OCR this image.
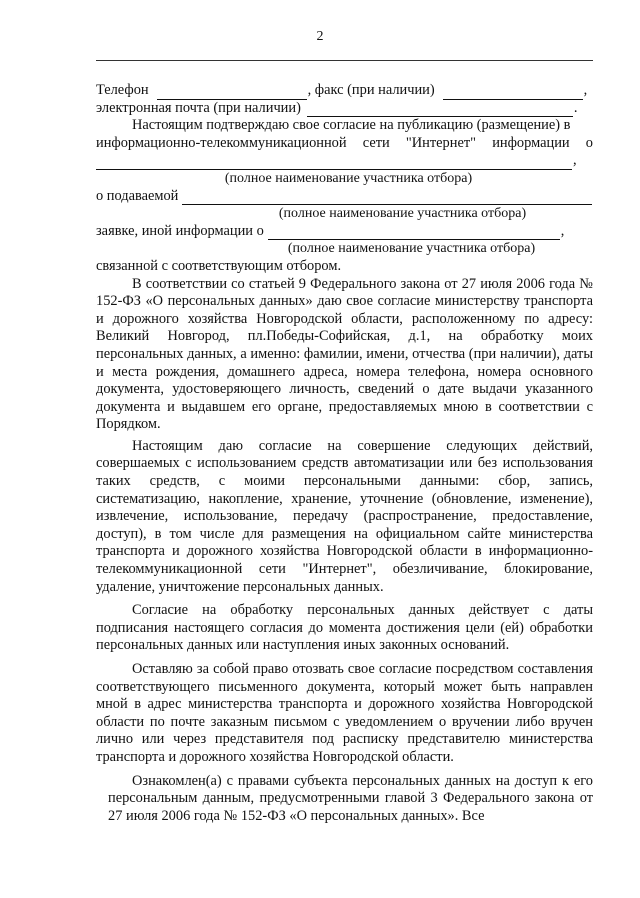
2
Телефон	, факс (при наличии)	,
электронная почта (при наличии)	.
Настоящим подтверждаю свое согласие на публикацию (размещение) в

информационно-телекоммуникационной сети "Интернет" информации о

,
(полное наименование участника отбора)
о подаваемой
(полное наименование участника отбора)
заявке, иной информации о	,
(полное наименование участника отбора)
связанной с соответствующим отбором.

В соответствии со статьей 9 Федерального закона от 27 июля 2006 года № 152-ФЗ «О персональных данных» даю свое согласие министерству транспорта и дорожного хозяйства Новгородской области, расположенному по адресу: Великий Новгород, пл.Победы-Софийская, д.1, на обработку моих персональных данных, а именно: фамилии, имени, отчества (при наличии), даты и места рождения, домашнего адреса, номера телефона, номера основного документа, удостоверяющего личность, сведений о дате выдачи указанного документа и выдавшем его органе, предоставляемых мною в соответствии с Порядком.

Настоящим даю согласие на совершение следующих действий, совершаемых с использованием средств автоматизации или без использования таких средств, с моими персональными данными: сбор, запись, систематизацию, накопление, хранение, уточнение (обновление, изменение), извлечение, использование, передачу (распространение, предоставление, доступ), в том числе для размещения на официальном сайте министерства транспорта и дорожного хозяйства Новгородской области в информационно-телекоммуникационной сети "Интернет", обезличивание, блокирование, удаление, уничтожение персональных данных.

Согласие на обработку персональных данных действует с даты подписания настоящего согласия до момента достижения цели (ей) обработки персональных данных или наступления иных законных оснований.

Оставляю за собой право отозвать свое согласие посредством составления соответствующего письменного документа, который может быть направлен мной в адрес министерства транспорта и дорожного хозяйства Новгородской области по почте заказным письмом с уведомлением о вручении либо вручен лично или через представителя под расписку представителю министерства транспорта и дорожного хозяйства Новгородской области.

Ознакомлен(а) с правами субъекта персональных данных на доступ к его персональным данным, предусмотренными главой 3 Федерального закона от 27 июля 2006 года № 152-ФЗ «О персональных данных». Все
